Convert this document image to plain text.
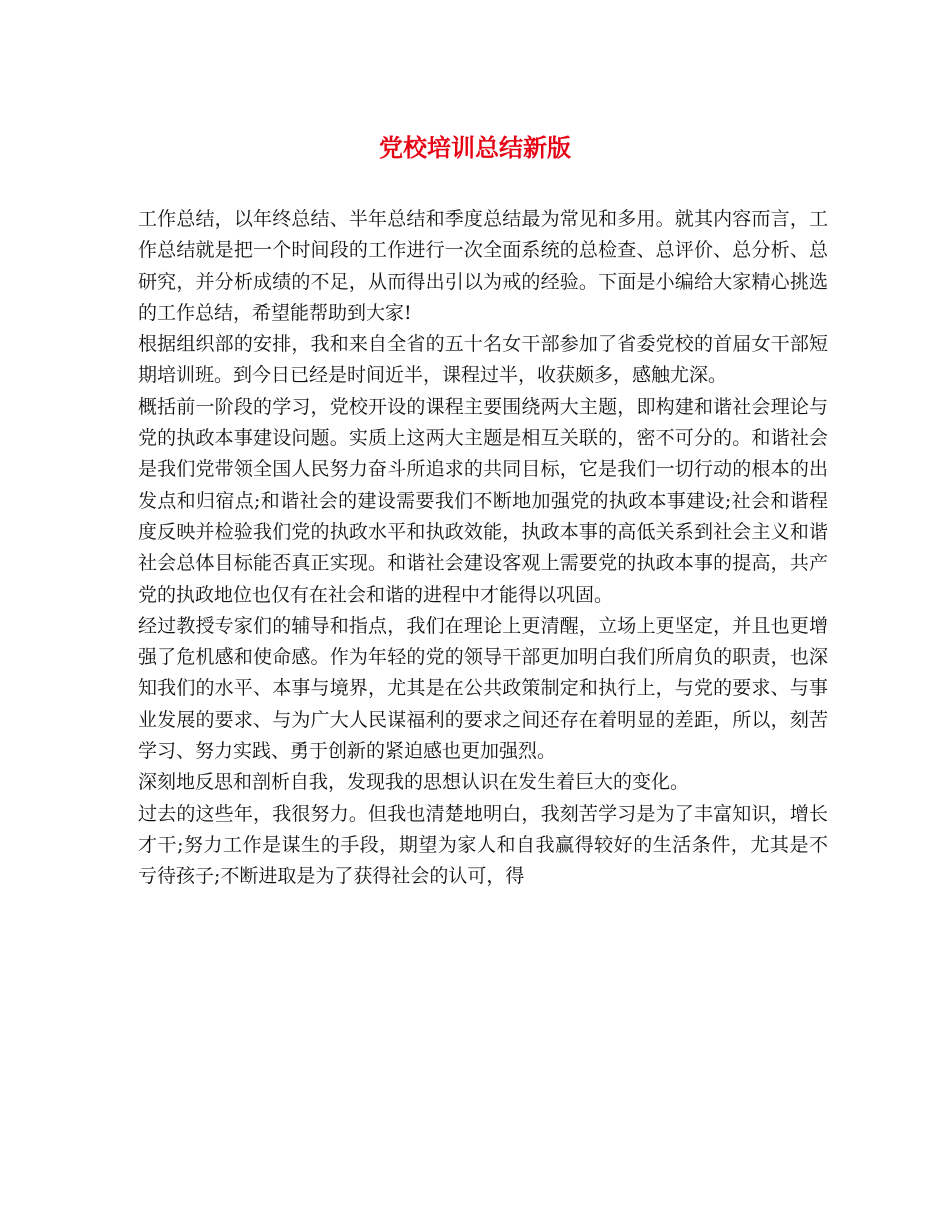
党校培训总结新版

工作总结，以年终总结、半年总结和季度总结最为常见和多用。就其内容而言，工作总结就是把一个时间段的工作进行一次全面系统的总检查、总评价、总分析、总研究，并分析成绩的不足，从而得出引以为戒的经验。下面是小编给大家精心挑选的工作总结，希望能帮助到大家!

根据组织部的安排，我和来自全省的五十名女干部参加了省委党校的首届女干部短期培训班。到今日已经是时间近半，课程过半，收获颇多，感触尤深。

概括前一阶段的学习，党校开设的课程主要围绕两大主题，即构建和谐社会理论与党的执政本事建设问题。实质上这两大主题是相互关联的，密不可分的。和谐社会是我们党带领全国人民努力奋斗所追求的共同目标，它是我们一切行动的根本的出发点和归宿点;和谐社会的建设需要我们不断地加强党的执政本事建设;社会和谐程度反映并检验我们党的执政水平和执政效能，执政本事的高低关系到社会主义和谐社会总体目标能否真正实现。和谐社会建设客观上需要党的执政本事的提高，共产党的执政地位也仅有在社会和谐的进程中才能得以巩固。

经过教授专家们的辅导和指点，我们在理论上更清醒，立场上更坚定，并且也更增强了危机感和使命感。作为年轻的党的领导干部更加明白我们所肩负的职责，也深知我们的水平、本事与境界，尤其是在公共政策制定和执行上，与党的要求、与事业发展的要求、与为广大人民谋福利的要求之间还存在着明显的差距，所以，刻苦学习、努力实践、勇于创新的紧迫感也更加强烈。

深刻地反思和剖析自我，发现我的思想认识在发生着巨大的变化。

过去的这些年，我很努力。但我也清楚地明白，我刻苦学习是为了丰富知识，增长才干;努力工作是谋生的手段，期望为家人和自我赢得较好的生活条件，尤其是不亏待孩子;不断进取是为了获得社会的认可，得
